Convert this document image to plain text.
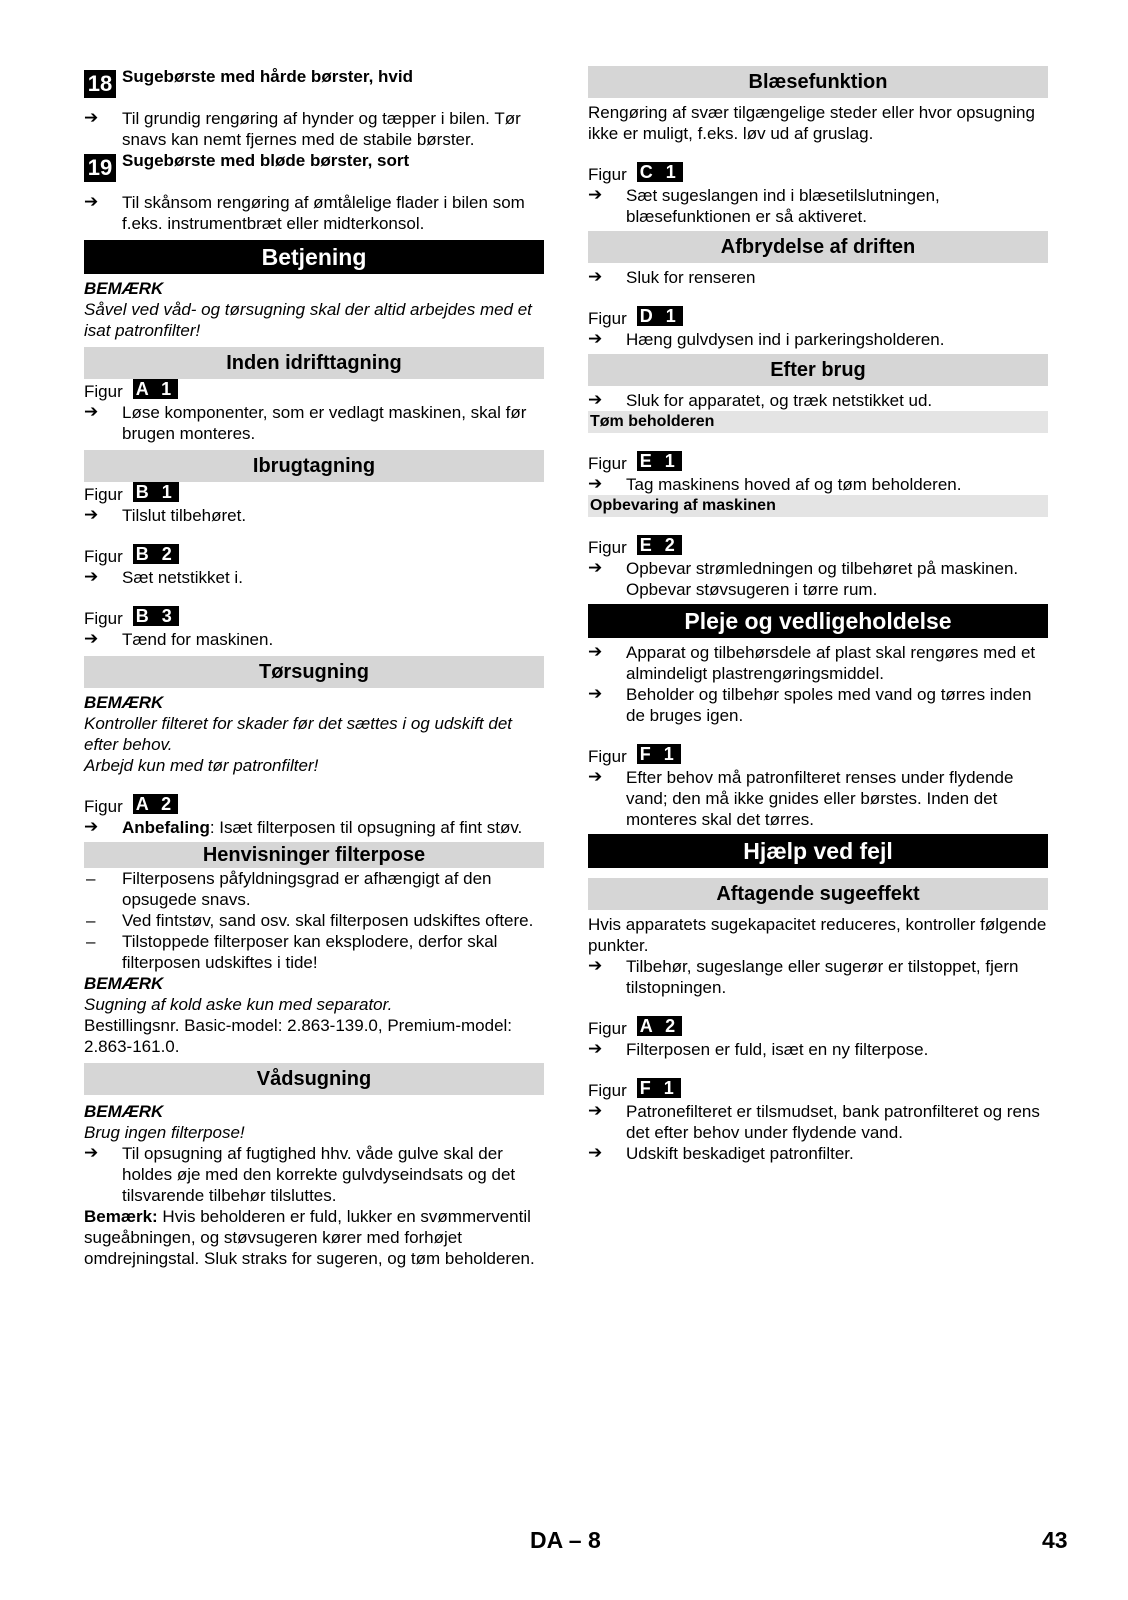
18 Sugebørste med hårde børster, hvid
➔ Til grundig rengøring af hynder og tæpper i bilen. Tør snavs kan nemt fjernes med de stabile børster.
19 Sugebørste med bløde børster, sort
➔ Til skånsom rengøring af ømtålelige flader i bilen som f.eks. instrumentbræt eller midterkonsol.
Betjening
BEMÆRK
Såvel ved våd- og tørsugning skal der altid arbejdes med et isat patronfilter!
Inden idrifttagning
Figur A 1
➔ Løse komponenter, som er vedlagt maskinen, skal før brugen monteres.
Ibrugtagning
Figur B 1
➔ Tilslut tilbehøret.
Figur B 2
➔ Sæt netstikket i.
Figur B 3
➔ Tænd for maskinen.
Tørsugning
BEMÆRK
Kontroller filteret for skader før det sættes i og udskift det efter behov.
Arbejd kun med tør patronfilter!
Figur A 2
➔ Anbefaling: Isæt filterposen til opsugning af fint støv.
Henvisninger filterpose
– Filterposens påfyldningsgrad er afhængigt af den opsugede snavs.
– Ved fintstøv, sand osv. skal filterposen udskiftes oftere.
– Tilstoppede filterposer kan eksplodere, derfor skal filterposen udskiftes i tide!
BEMÆRK
Sugning af kold aske kun med separator.
Bestillingsnr. Basic-model: 2.863-139.0, Premium-model: 2.863-161.0.
Vådsugning
BEMÆRK
Brug ingen filterpose!
➔ Til opsugning af fugtighed hhv. våde gulve skal der holdes øje med den korrekte gulvdyseindsats og det tilsvarende tilbehør tilsluttes.
Bemærk: Hvis beholderen er fuld, lukker en svømmerventil sugeåbningen, og støvsugeren kører med forhøjet omdrejningstal. Sluk straks for sugeren, og tøm beholderen.
Blæsefunktion
Rengøring af svær tilgængelige steder eller hvor opsugning ikke er muligt, f.eks. løv ud af gruslag.
Figur C 1
➔ Sæt sugeslangen ind i blæsetilslutningen, blæsefunktionen er så aktiveret.
Afbrydelse af driften
➔ Sluk for renseren
Figur D 1
➔ Hæng gulvdysen ind i parkeringsholderen.
Efter brug
➔ Sluk for apparatet, og træk netstikket ud.
Tøm beholderen
Figur E 1
➔ Tag maskinens hoved af og tøm beholderen.
Opbevaring af maskinen
Figur E 2
➔ Opbevar strømledningen og tilbehøret på maskinen. Opbevar støvsugeren i tørre rum.
Pleje og vedligeholdelse
➔ Apparat og tilbehørsdele af plast skal rengøres med et almindeligt plastrengøringsmiddel.
➔ Beholder og tilbehør spoles med vand og tørres inden de bruges igen.
Figur F 1
➔ Efter behov må patronfilteret renses under flydende vand; den må ikke gnides eller børstes. Inden det monteres skal det tørres.
Hjælp ved fejl
Aftagende sugeeffekt
Hvis apparatets sugekapacitet reduceres, kontroller følgende punkter.
➔ Tilbehør, sugeslange eller sugerør er tilstoppet, fjern tilstopningen.
Figur A 2
➔ Filterposen er fuld, isæt en ny filterpose.
Figur F 1
➔ Patronefilteret er tilsmudset, bank patronfilteret og rens det efter behov under flydende vand.
➔ Udskift beskadiget patronfilter.
DA – 8	43
